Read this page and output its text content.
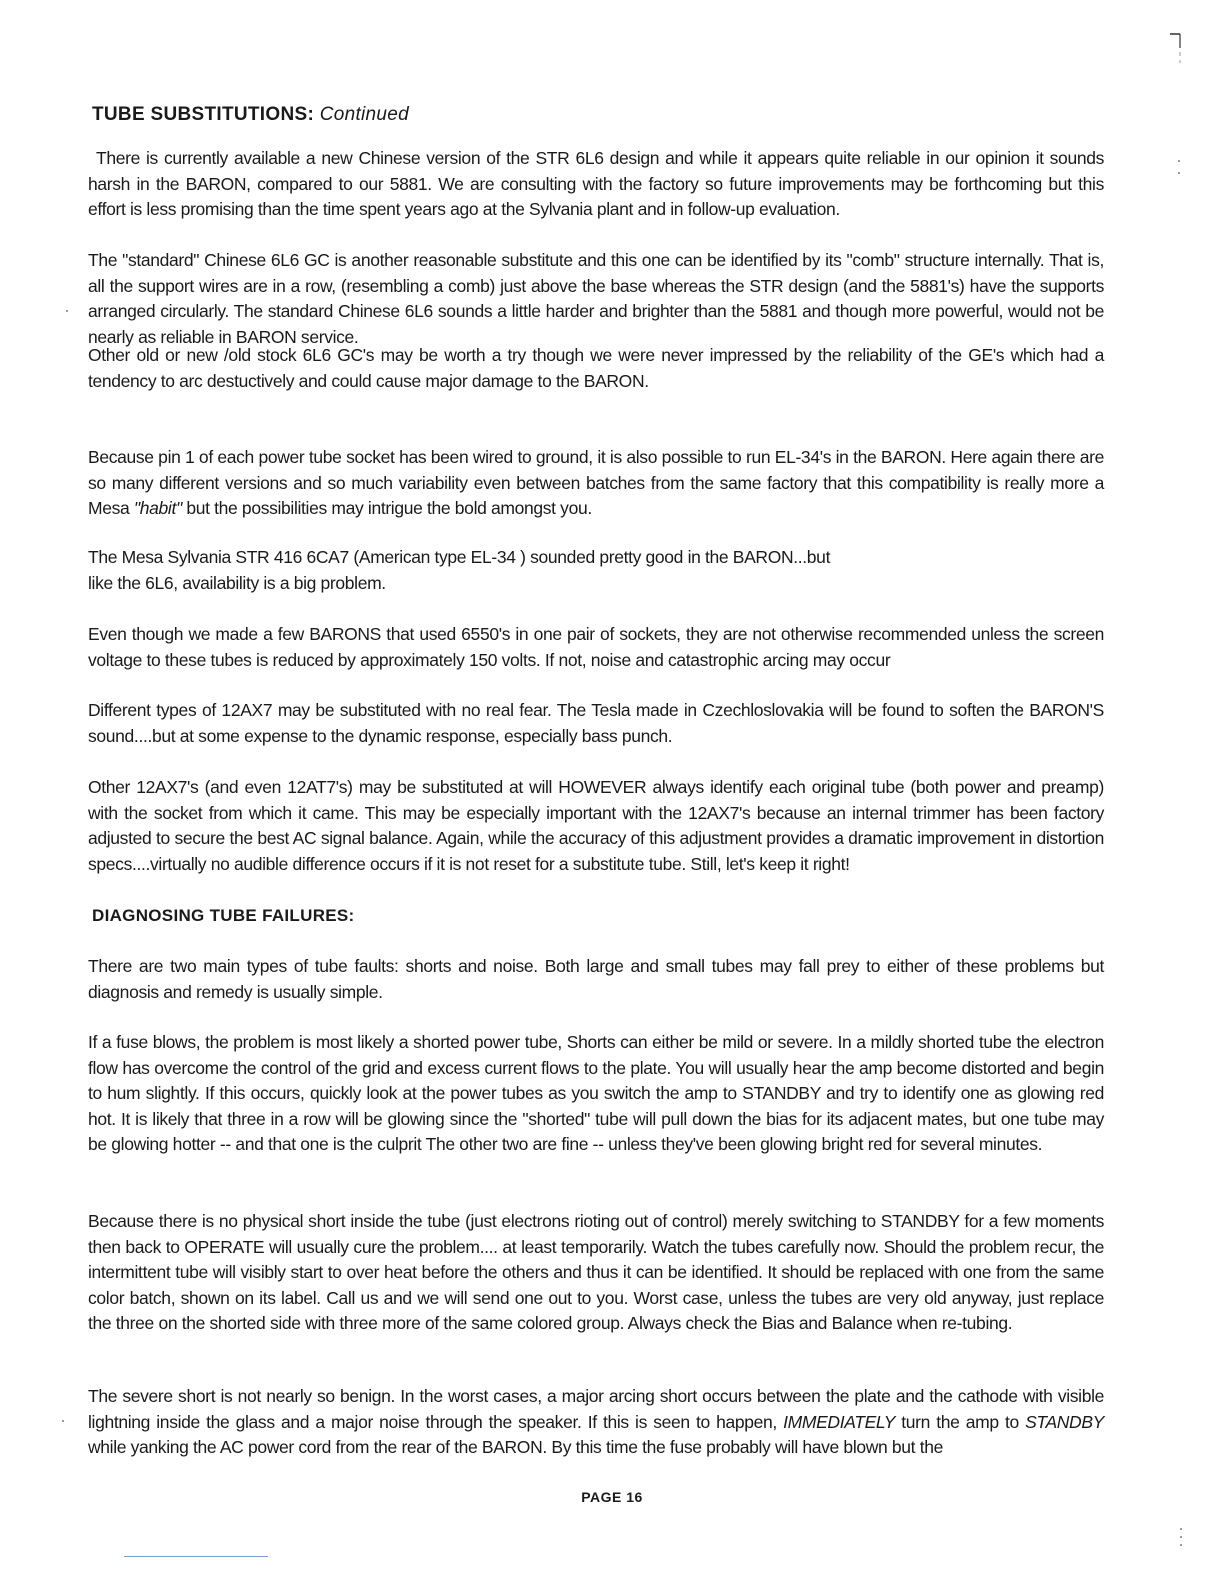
TUBE SUBSTITUTIONS: Continued

There is currently available a new Chinese version of the STR 6L6 design and while it appears quite reliable in our opinion it sounds harsh in the BARON, compared to our 5881. We are consulting with the factory so future improvements may be forthcoming but this effort is less promising than the time spent years ago at the Sylvania plant and in follow-up evaluation.

The "standard" Chinese 6L6 GC is another reasonable substitute and this one can be identified by its "comb" structure internally. That is, all the support wires are in a row, (resembling a comb) just above the base whereas the STR design (and the 5881's) have the supports arranged circularly. The standard Chinese 6L6 sounds a little harder and brighter than the 5881 and though more powerful, would not be nearly as reliable in BARON service.

Other old or new /old stock 6L6 GC's may be worth a try though we were never impressed by the reliability of the GE's which had a tendency to arc destuctively and could cause major damage to the BARON.

Because pin 1 of each power tube socket has been wired to ground, it is also possible to run EL-34's in the BARON. Here again there are so many different versions and so much variability even between batches from the same factory that this compatibility is really more a Mesa "habit" but the possibilities may intrigue the bold amongst you.

The Mesa Sylvania STR 416 6CA7 (American type EL-34 ) sounded pretty good in the BARON...but
like the 6L6, availability is a big problem.

Even though we made a few BARONS that used 6550's in one pair of sockets, they are not otherwise recommended unless the screen voltage to these tubes is reduced by approximately 150 volts. If not, noise and catastrophic arcing may occur

Different types of 12AX7 may be substituted with no real fear. The Tesla made in Czechloslovakia will be found to soften the BARON'S sound....but at some expense to the dynamic response, especially bass punch.

Other 12AX7's (and even 12AT7's) may be substituted at will HOWEVER always identify each original tube (both power and preamp) with the socket from which it came. This may be especially important with the 12AX7's because an internal trimmer has been factory adjusted to secure the best AC signal balance. Again, while the accuracy of this adjustment provides a dramatic improvement in distortion specs....virtually no audible difference occurs if it is not reset for a substitute tube. Still, let's keep it right!

DIAGNOSING TUBE FAILURES:

There are two main types of tube faults: shorts and noise. Both large and small tubes may fall prey to either of these problems but diagnosis and remedy is usually simple.

If a fuse blows, the problem is most likely a shorted power tube, Shorts can either be mild or severe. In a mildly shorted tube the electron flow has overcome the control of the grid and excess current flows to the plate. You will usually hear the amp become distorted and begin to hum slightly. If this occurs, quickly look at the power tubes as you switch the amp to STANDBY and try to identify one as glowing red hot. It is likely that three in a row will be glowing since the "shorted" tube will pull down the bias for its adjacent mates, but one tube may be glowing hotter -- and that one is the culprit The other two are fine -- unless they've been glowing bright red for several minutes.

Because there is no physical short inside the tube (just electrons rioting out of control) merely switching to STANDBY for a few moments then back to OPERATE will usually cure the problem.... at least temporarily. Watch the tubes carefully now. Should the problem recur, the intermittent tube will visibly start to over heat before the others and thus it can be identified. It should be replaced with one from the same color batch, shown on its label. Call us and we will send one out to you. Worst case, unless the tubes are very old anyway, just replace the three on the shorted side with three more of the same colored group. Always check the Bias and Balance when re-tubing.

The severe short is not nearly so benign. In the worst cases, a major arcing short occurs between the plate and the cathode with visible lightning inside the glass and a major noise through the speaker. If this is seen to happen, IMMEDIATELY turn the amp to STANDBY while yanking the AC power cord from the rear of the BARON. By this time the fuse probably will have blown but the

PAGE 16
